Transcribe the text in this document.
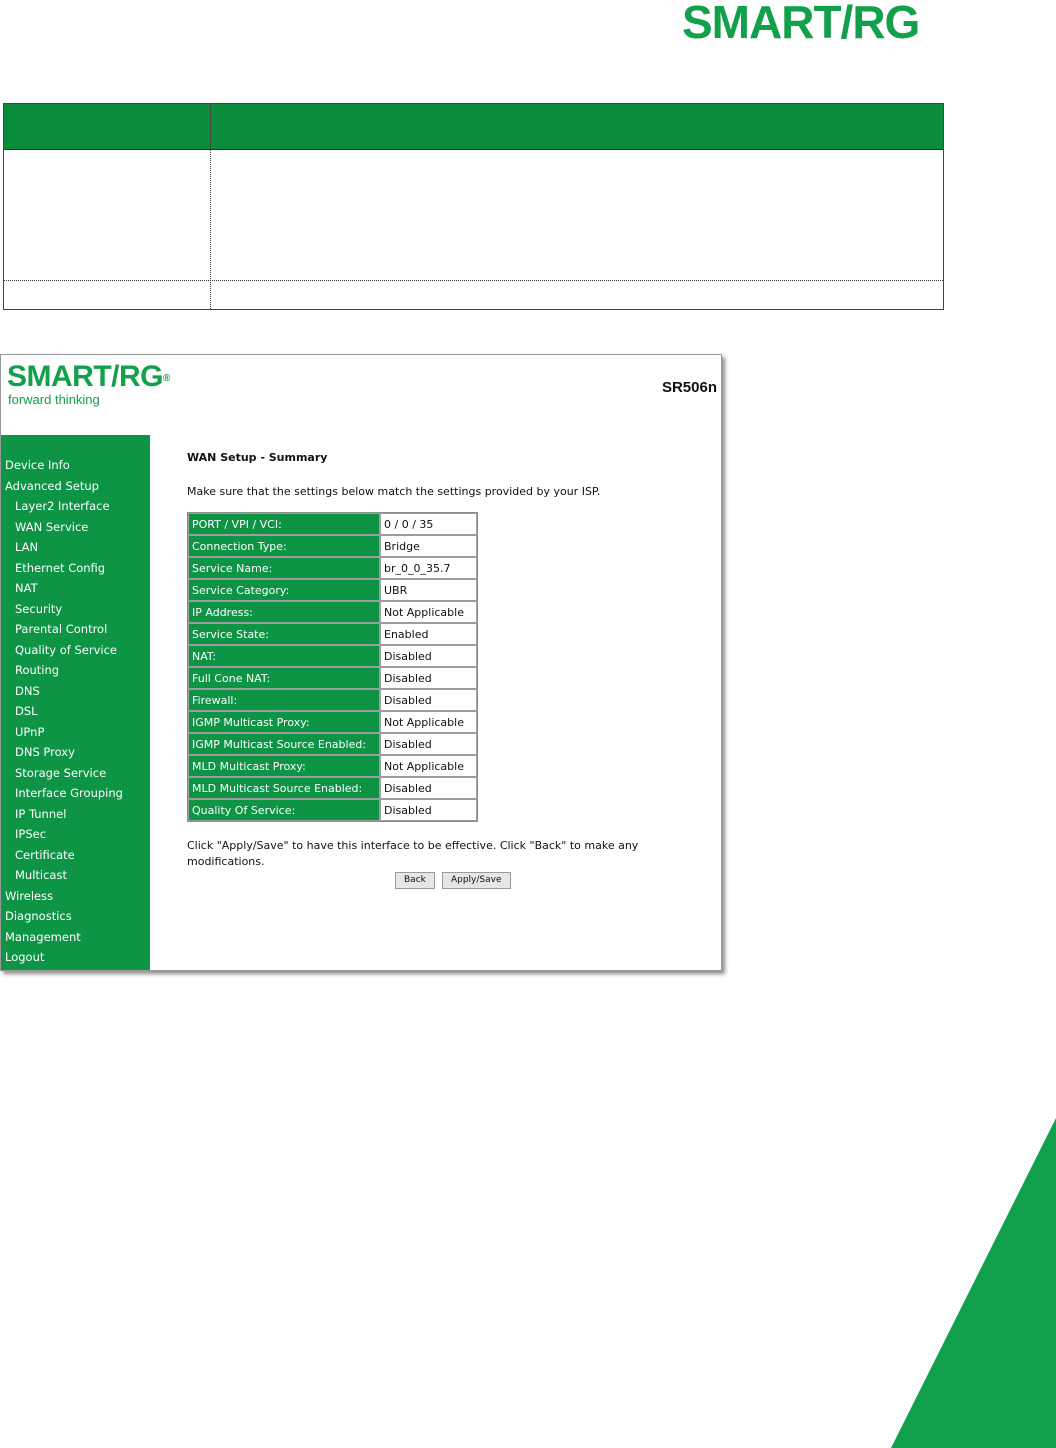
SMART/RG
SMART/RG®
forward thinking
SR506n
Device Info
Advanced Setup
Layer2 Interface
WAN Service
LAN
Ethernet Config
NAT
Security
Parental Control
Quality of Service
Routing
DNS
DSL
UPnP
DNS Proxy
Storage Service
Interface Grouping
IP Tunnel
IPSec
Certificate
Multicast
Wireless
Diagnostics
Management
Logout
WAN Setup - Summary
Make sure that the settings below match the settings provided by your ISP.
PORT / VPI / VCI:	0 / 0 / 35
Connection Type:	Bridge
Service Name:	br_0_0_35.7
Service Category:	UBR
IP Address:	Not Applicable
Service State:	Enabled
NAT:	Disabled
Full Cone NAT:	Disabled
Firewall:	Disabled
IGMP Multicast Proxy:	Not Applicable
IGMP Multicast Source Enabled:	Disabled
MLD Multicast Proxy:	Not Applicable
MLD Multicast Source Enabled:	Disabled
Quality Of Service:	Disabled
Click "Apply/Save" to have this interface to be effective. Click "Back" to make any modifications.
Back	Apply/Save
